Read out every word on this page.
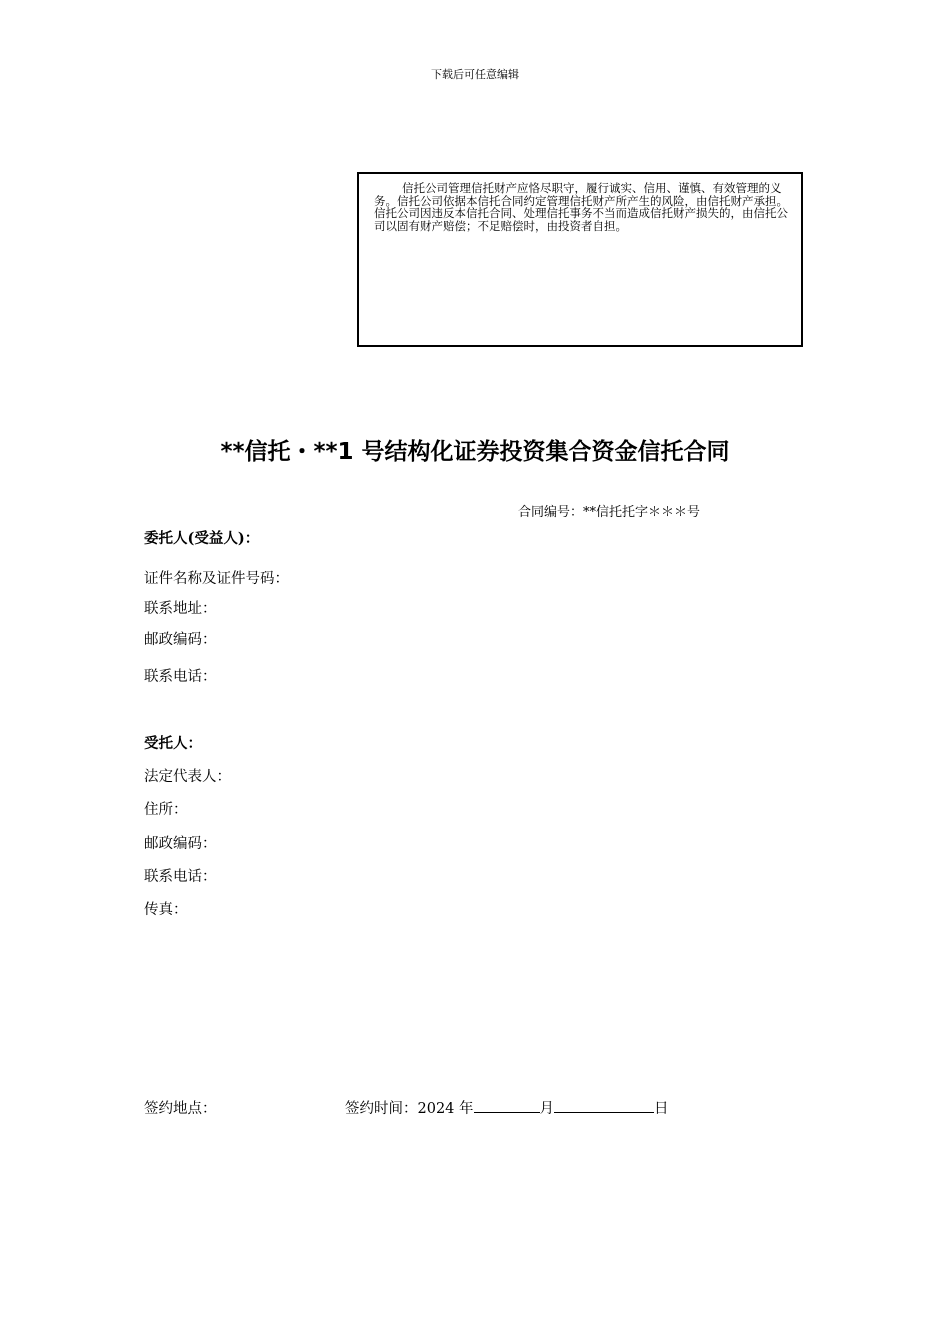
下载后可任意编辑
信托公司管理信托财产应恪尽职守，履行诚实、信用、谨慎、有效管理的义务。信托公司依据本信托合同约定管理信托财产所产生的风险，由信托财产承担。信托公司因违反本信托合同、处理信托事务不当而造成信托财产损失的，由信托公司以固有财产赔偿；不足赔偿时，由投资者自担。
**信托・**1 号结构化证券投资集合资金信托合同
合同编号：**信托托字＊＊＊号
委托人(受益人)：
证件名称及证件号码：
联系地址：
邮政编码：
联系电话：
受托人：
法定代表人：
住所：
邮政编码：
联系电话：
传真：
签约地点：	签约时间：2024 年	月	日
